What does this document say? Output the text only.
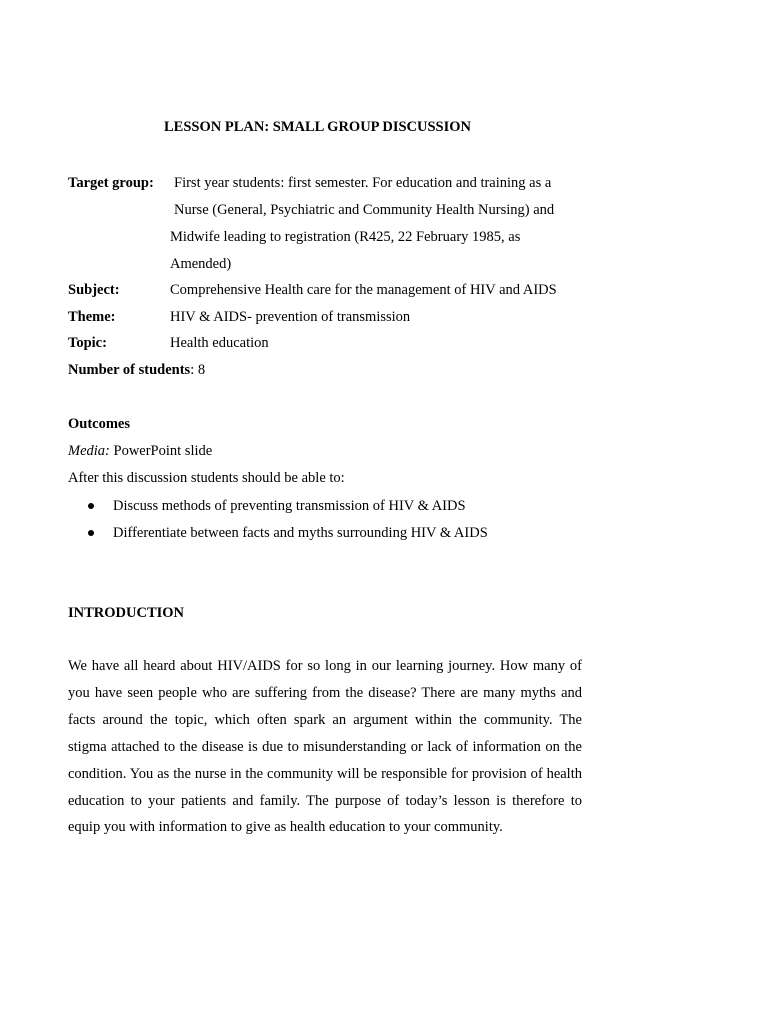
LESSON PLAN: SMALL GROUP DISCUSSION
Target group: First year students: first semester. For education and training as a
Nurse (General, Psychiatric and Community Health Nursing) and
Midwife leading to registration (R425, 22 February 1985, as
Amended)
Subject:	Comprehensive Health care for the management of HIV and AIDS
Theme:	HIV & AIDS- prevention of transmission
Topic:	Health education
Number of students: 8
Outcomes
Media: PowerPoint slide
After this discussion students should be able to:
Discuss methods of preventing transmission of HIV & AIDS
Differentiate between facts and myths surrounding HIV & AIDS
INTRODUCTION
We have all heard about HIV/AIDS for so long in our learning journey. How many of you have seen people who are suffering from the disease? There are many myths and facts around the topic, which often spark an argument within the community. The stigma attached to the disease is due to misunderstanding or lack of information on the condition. You as the nurse in the community will be responsible for provision of health education to your patients and family. The purpose of today’s lesson is therefore to equip you with information to give as health education to your community.
